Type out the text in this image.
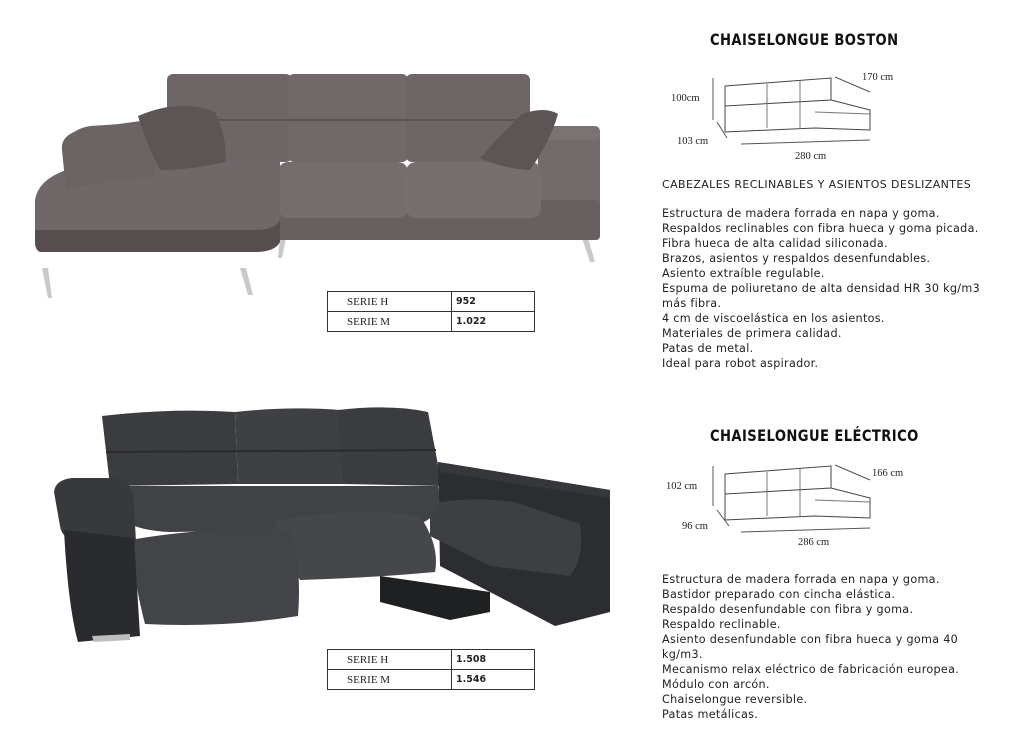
SERIE H	952
SERIE M	1.022
CHAISELONGUE BOSTON
100cm
103 cm
280 cm
170 cm
CABEZALES RECLINABLES Y ASIENTOS DESLIZANTES
Estructura de madera forrada en napa y goma.
Respaldos reclinables con fibra hueca y goma picada.
Fibra hueca de alta calidad siliconada.
Brazos, asientos y respaldos desenfundables.
Asiento extraíble regulable.
Espuma de poliuretano de alta densidad HR 30 kg/m3
más fibra.
4 cm de viscoelástica en los asientos.
Materiales de primera calidad.
Patas de metal.
Ideal para robot aspirador.
SERIE H	1.508
SERIE M	1.546
CHAISELONGUE ELÉCTRICO
102 cm
96 cm
286 cm
166 cm
Estructura de madera forrada en napa y goma.
Bastidor preparado con cincha elástica.
Respaldo desenfundable con fibra y goma.
Respaldo reclinable.
Asiento desenfundable con fibra hueca y goma 40
kg/m3.
Mecanismo relax eléctrico de fabricación europea.
Módulo con arcón.
Chaiselongue reversible.
Patas metálicas.
